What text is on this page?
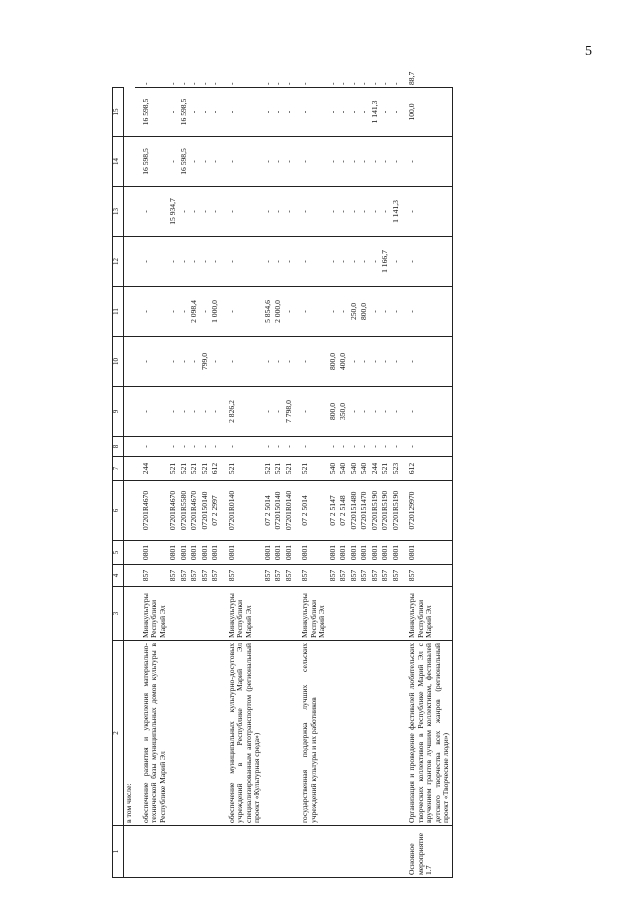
5
1	2	3	4	5	6	7	8	9	10	11	12	13	14	15	
	в том числе:														

	обеспечение развития и укрепления материально-технической базы муниципальных домов культуры в Республике Марий Эл	Минкультуры Республики Марий Эл	857	0801	07201R4670	244	-	-	-	-	-	-	16 598,5	16 598,5	-
			857	0801	07201R4670	521	-	-	-	-	-	15 934,7	-	-	-
			857	0801	07201R5580	521	-	-	-	-	-	-	16 598,5	16 598,5	-
			857	0801	07201R4670	521	-	-	-	2 098,4	-	-	-	-	-
			857	0801	0720150140	521	-	-	799,0	-	-	-	-	-	-
			857	0801	07 2 2997	612	-	-	-	1 000,0	-	-	-	-	-

	обеспечение муниципальных культурно-досуговых учреждений в Республике Марий Эл специализированным автотранспортом (региональный проект «Культурная среда»)	Минкультуры Республики Марий Эл	857	0801	07201R0140	521	-	2 826,2	-	-	-	-	-	-	-
			857	0801	07 2 5014	521	-	-	-	5 854,6	-	-	-	-	-
			857	0801	0720150140	521	-	-	-	2 000,0	-	-	-	-	-
			857	0801	07201R0140	521	-	7 798,0	-	-	-	-	-	-	-

	государственная поддержка лучших сельских учреждений культуры и их работников	Минкультуры Республики Марий Эл	857	0801	07 2 5014	521	-	-	-	-	-	-	-	-	-
			857	0801	07 2 5147	540	-	800,0	800,0	-	-	-	-	-	-
			857	0801	07 2 5148	540	-	350,0	400,0	-	-	-	-	-	-
			857	0801	0720151480	540	-	-	-	250,0	-	-	-	-	-
			857	0801	0720151470	540	-	-	-	800,0	-	-	-	-	-
			857	0801	07201R5190	244	-	-	-	-	-	-	-	1 141,3	-
			857	0801	07201R5190	521	-	-	-	-	1 166,7	-	-	-	-
			857	0801	07201R5190	523	-	-	-	-	-	1 141,3	-	-	-

Основное мероприятие 1.7	Организация и проведение фестивалей любительских творческих коллективов в Республике Марий Эл с вручением грантов лучшим коллективам, фестивалей детского творчества всех жанров (региональный проект «Творческие люди»)	Минкультуры Республики Марий Эл	857	0801	0720129970	612	-	-	-	-	-	-	-	100,0	88,7
